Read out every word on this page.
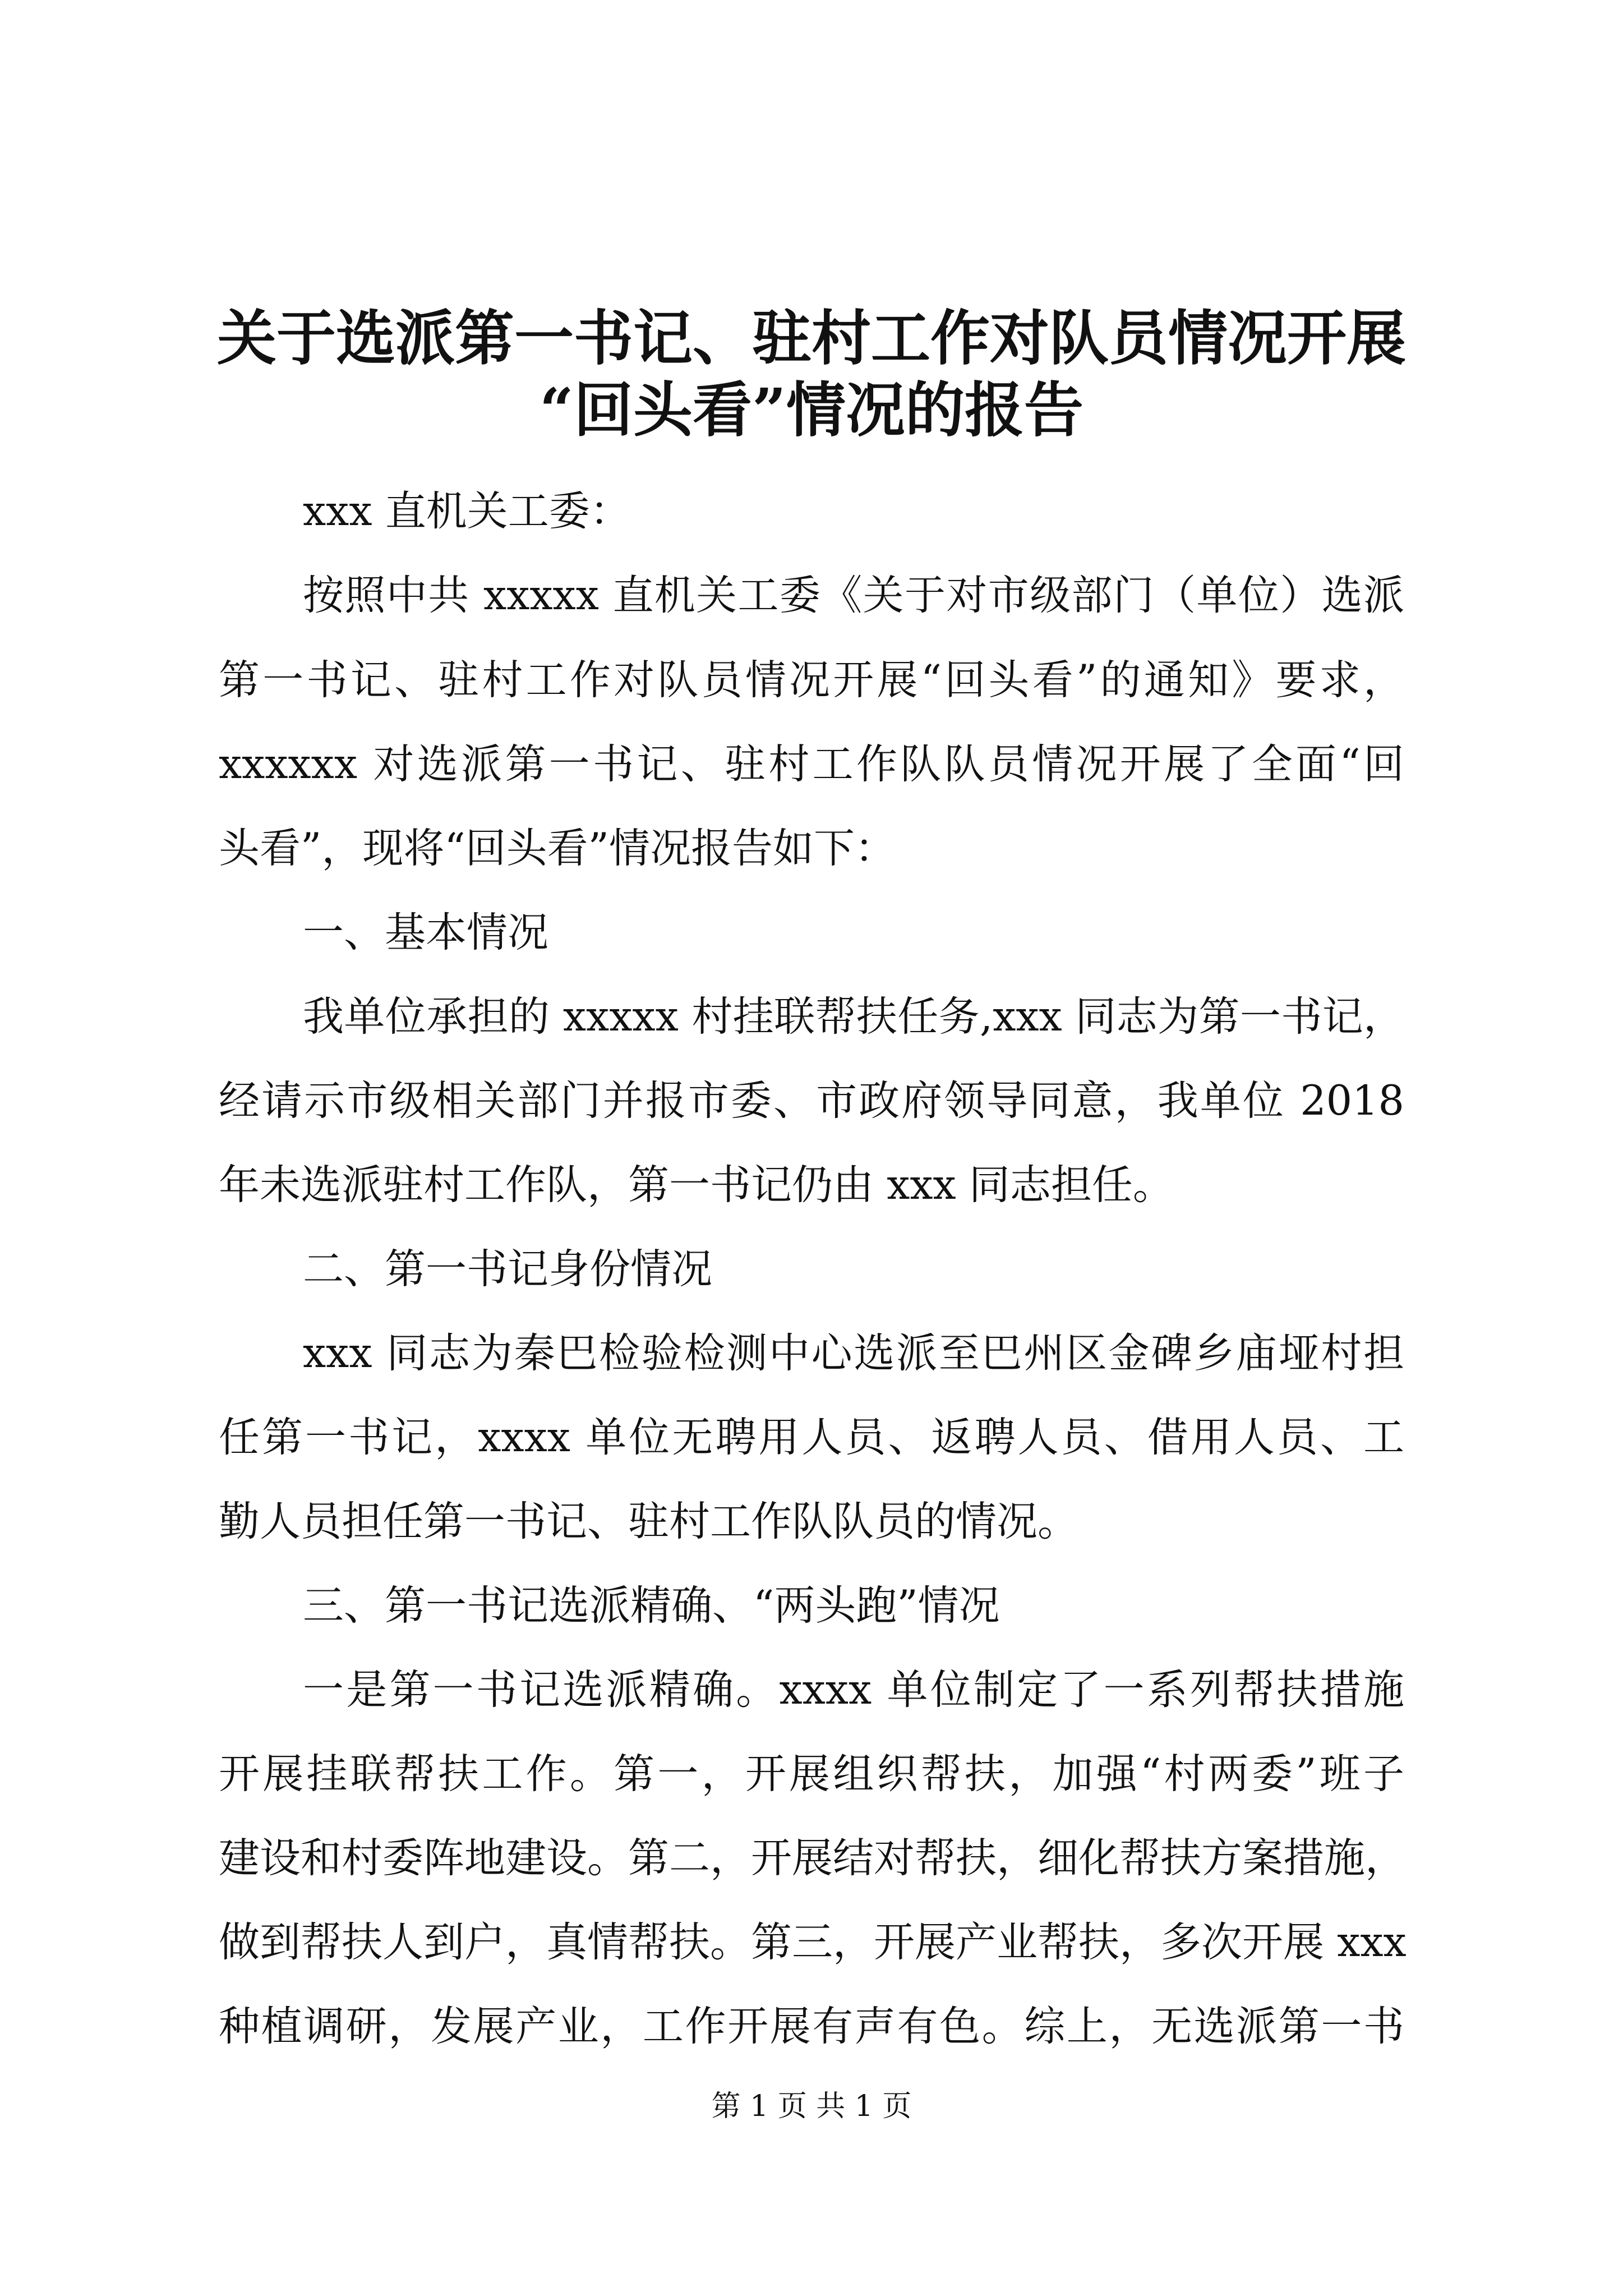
关于选派第一书记、驻村工作对队员情况开展
“回头看”情况的报告

xxx 直机关工委：

按照中共 xxxxx 直机关工委《关于对市级部门（单位）选派

第一书记、驻村工作对队员情况开展“回头看”的通知》要求，

xxxxxx 对选派第一书记、驻村工作队队员情况开展了全面“回

头看”，现将“回头看”情况报告如下：

一、基本情况

我单位承担的 xxxxx 村挂联帮扶任务,xxx 同志为第一书记，

经请示市级相关部门并报市委、市政府领导同意，我单位 2018

年未选派驻村工作队，第一书记仍由 xxx 同志担任。

二、第一书记身份情况

xxx 同志为秦巴检验检测中心选派至巴州区金碑乡庙垭村担

任第一书记，xxxx 单位无聘用人员、返聘人员、借用人员、工

勤人员担任第一书记、驻村工作队队员的情况。

三、第一书记选派精确、“两头跑”情况

一是第一书记选派精确。xxxx 单位制定了一系列帮扶措施

开展挂联帮扶工作。第一，开展组织帮扶，加强“村两委”班子

建设和村委阵地建设。第二，开展结对帮扶，细化帮扶方案措施，

做到帮扶人到户，真情帮扶。第三，开展产业帮扶，多次开展 xxx

种植调研，发展产业，工作开展有声有色。综上，无选派第一书

第 1 页 共 1 页
